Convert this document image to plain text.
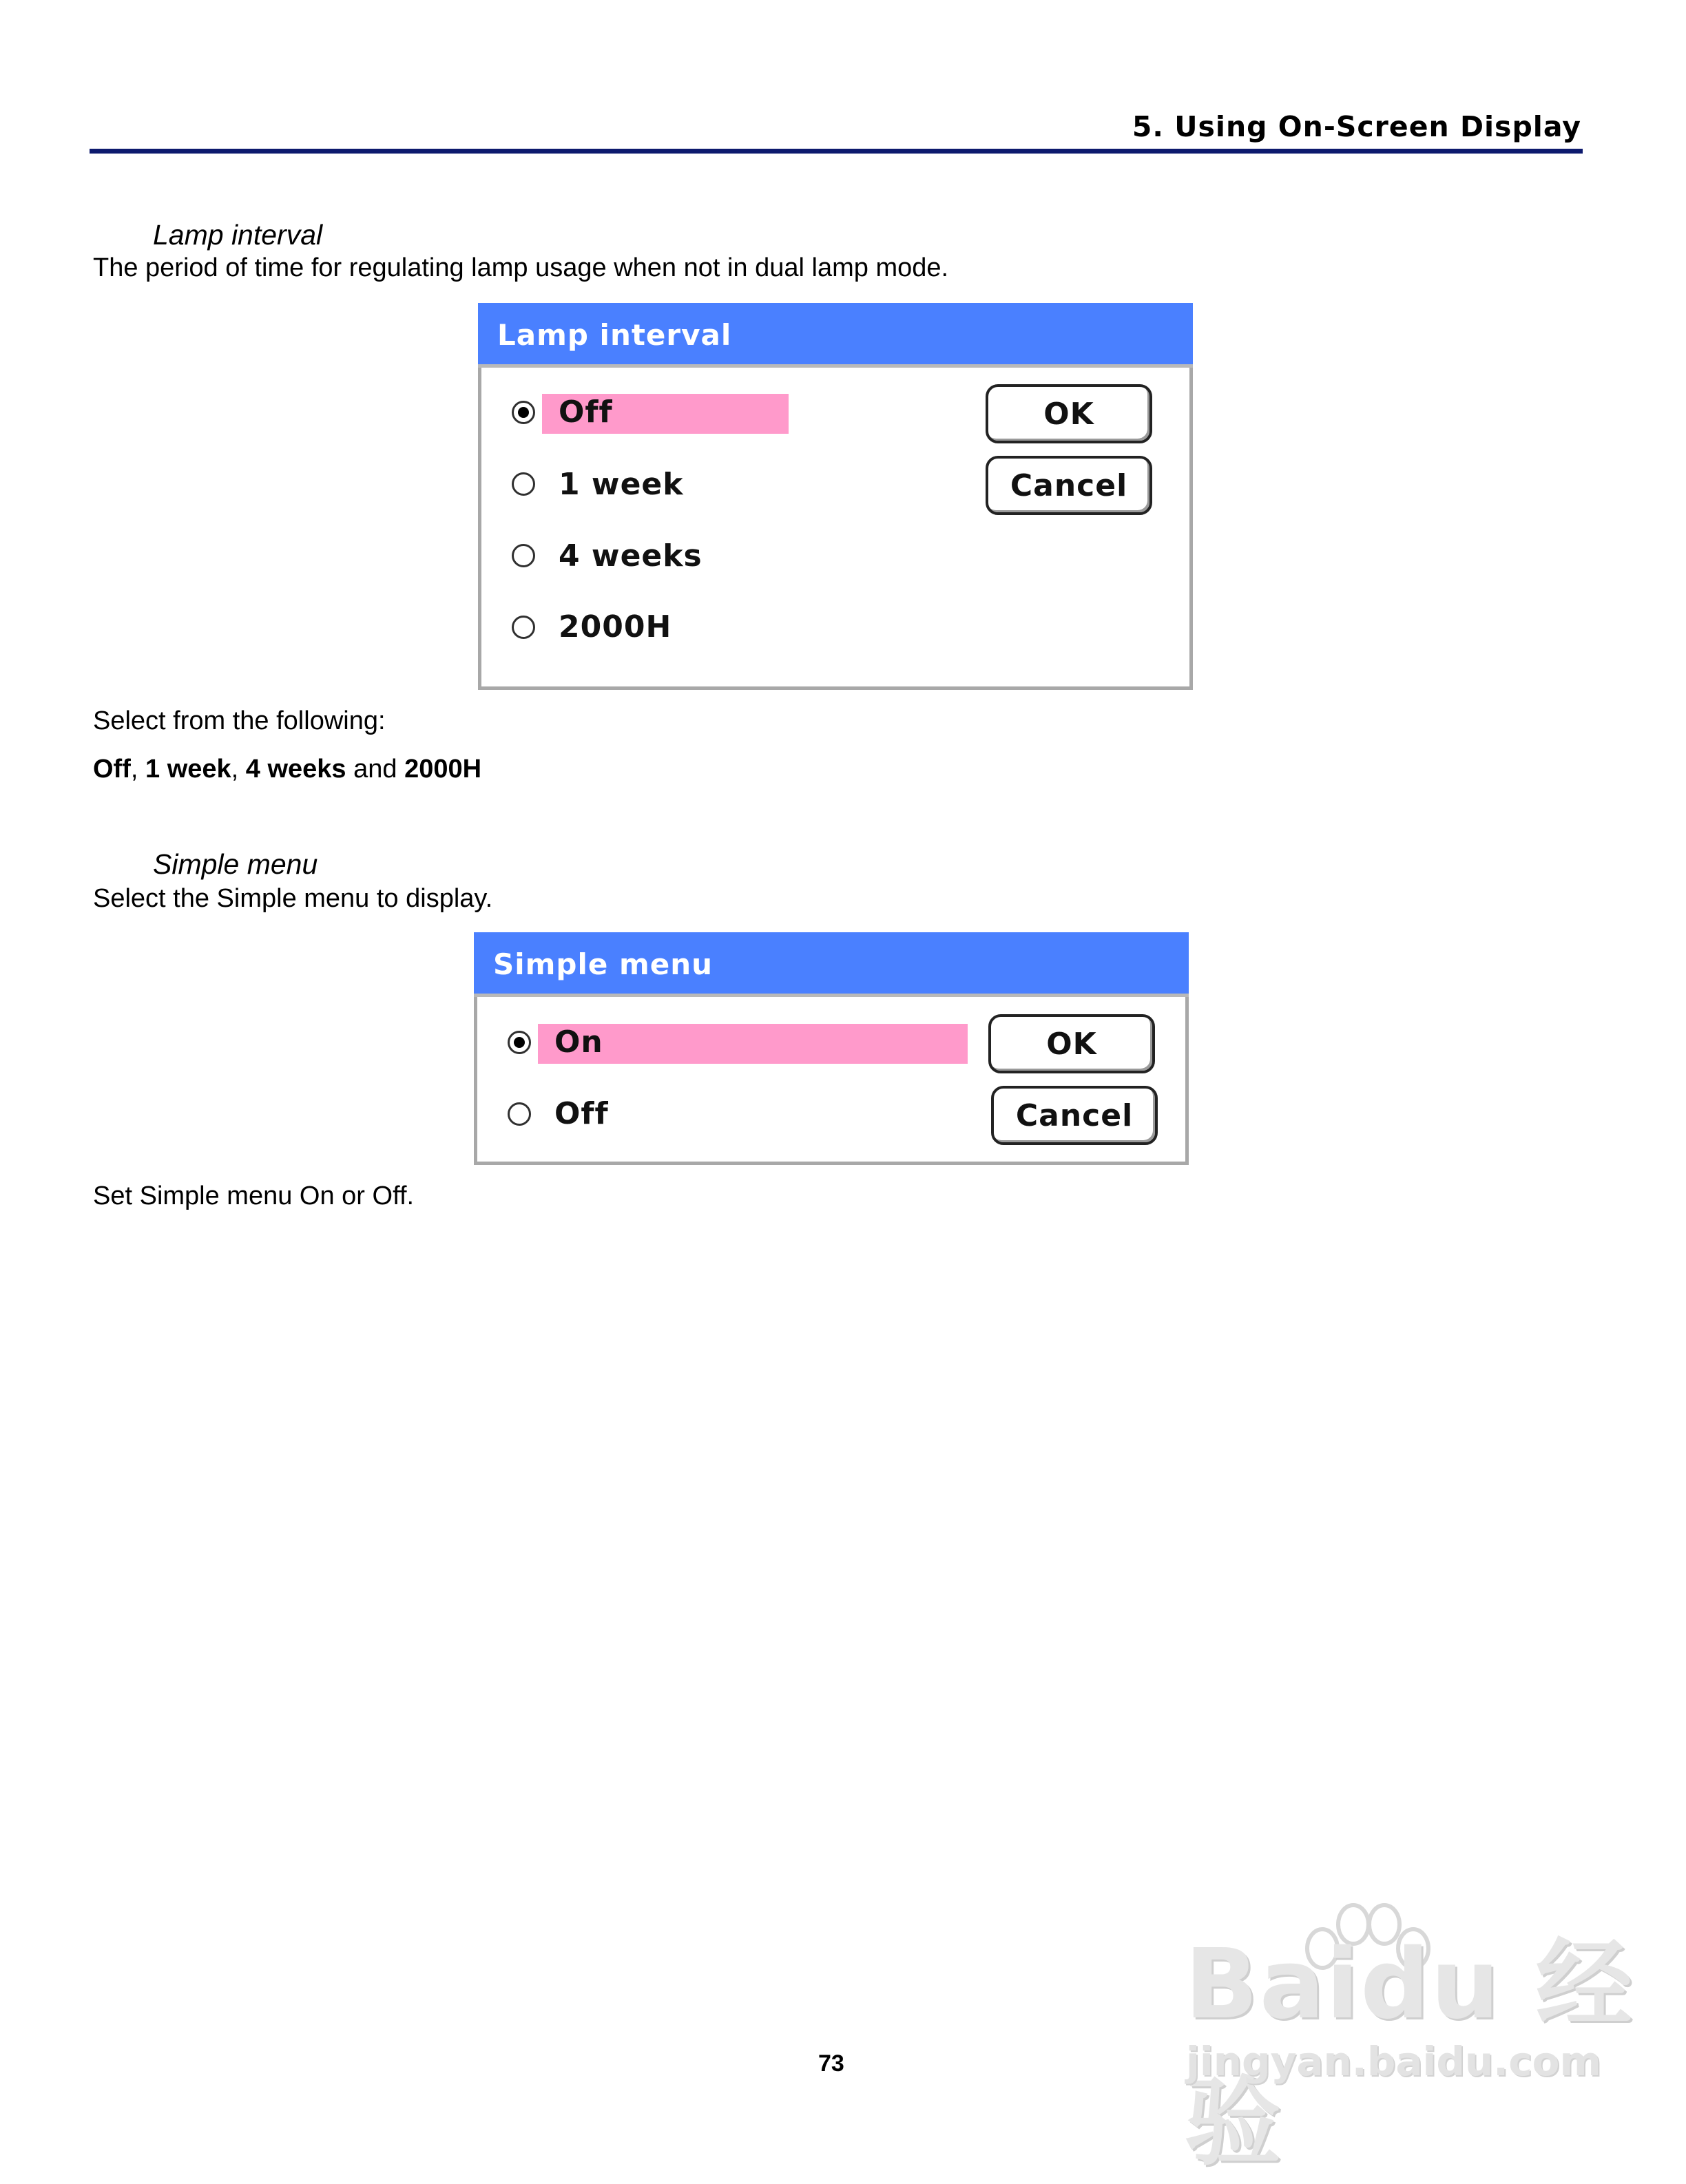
5. Using On-Screen Display
Lamp interval
The period of time for regulating lamp usage when not in dual lamp mode.
Lamp interval
Off
1 week
4 weeks
2000H
OK
Cancel
Select from the following:
Off, 1 week, 4 weeks and 2000H
Simple menu
Select the Simple menu to display.
Simple menu
On
Off
OK
Cancel
Set Simple menu On or Off.
73
Baidu 经验
jingyan.baidu.com
